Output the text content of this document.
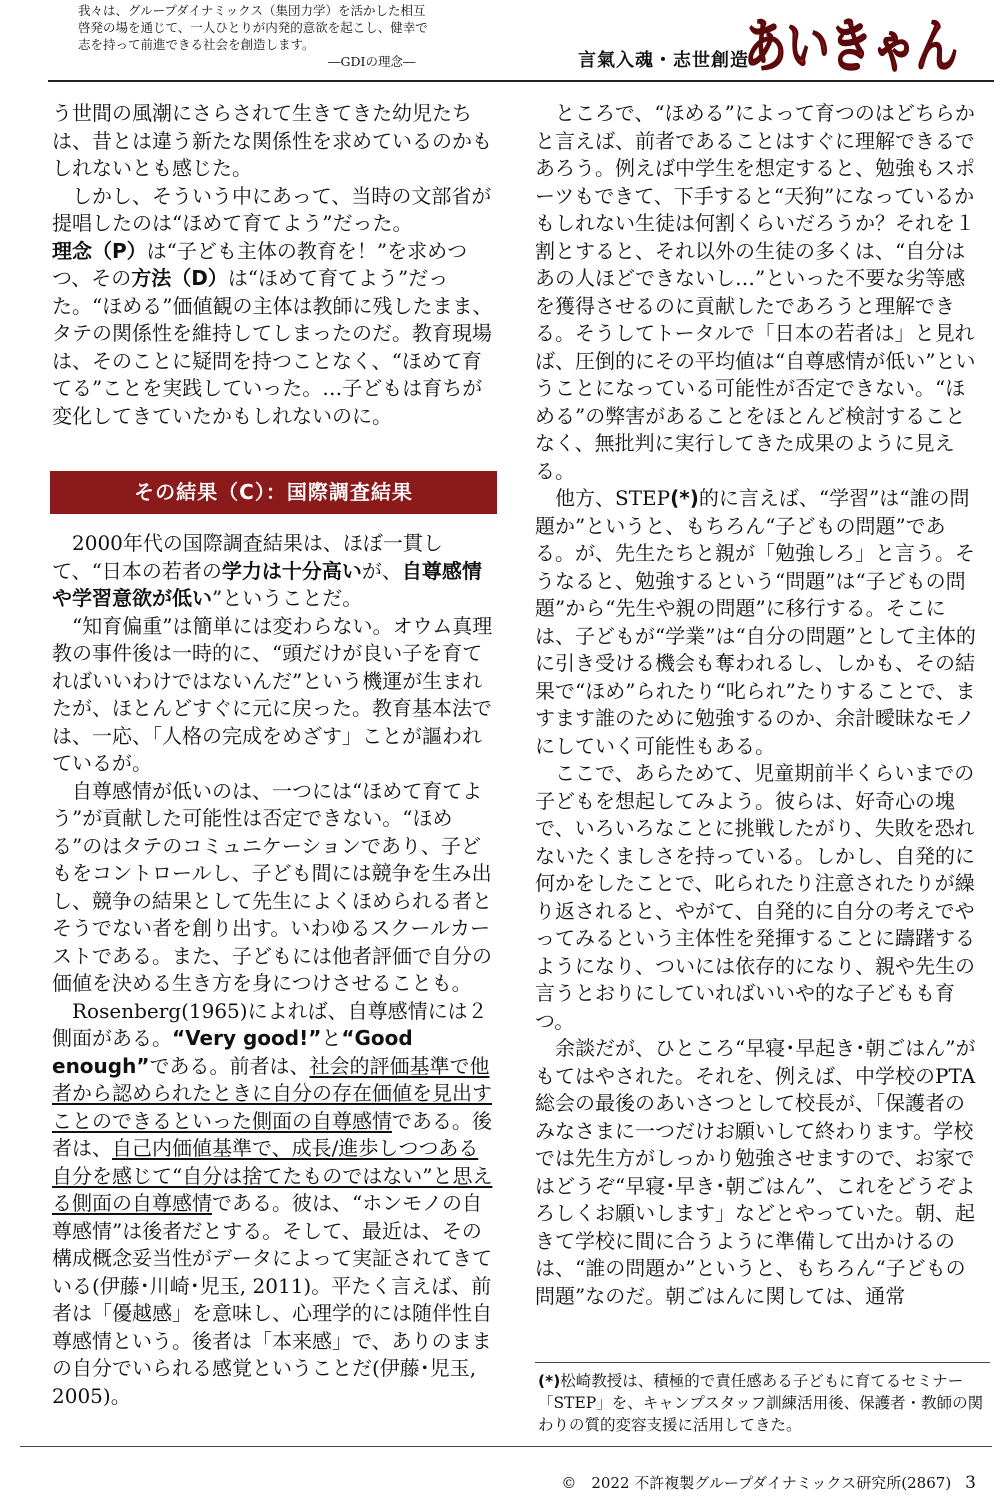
我々は、グループダイナミックス（集団力学）を活かした相互
啓発の場を通じて、一人ひとりが内発的意欲を起こし、健幸で
志を持って前進できる社会を創造します。
―GDIの理念―	言氣入魂・志世創造
あいきゃん

う世間の風潮にさらされて生きてきた幼児たちは、昔とは違う新たな関係性を求めているのかもしれないとも感じた。

　しかし、そういう中にあって、当時の文部省が提唱したのは“ほめて育てよう”だった。理念（P）は“子ども主体の教育を！”を求めつつ、その方法（D）は“ほめて育てよう”だった。“ほめる”価値観の主体は教師に残したまま、タテの関係性を維持してしまったのだ。教育現場は、そのことに疑問を持つことなく、“ほめて育てる”ことを実践していった。…子どもは育ちが変化してきていたかもしれないのに。

その結果（C）：国際調査結果

　2000年代の国際調査結果は、ほぼ一貫して、“日本の若者の学力は十分高いが、自尊感情や学習意欲が低い”ということだ。

　“知育偏重”は簡単には変わらない。オウム真理教の事件後は一時的に、“頭だけが良い子を育てればいいわけではないんだ”という機運が生まれたが、ほとんどすぐに元に戻った。教育基本法では、一応、「人格の完成をめざす」ことが謳われているが。

　自尊感情が低いのは、一つには“ほめて育てよう”が貢献した可能性は否定できない。“ほめる”のはタテのコミュニケーションであり、子どもをコントロールし、子ども間には競争を生み出し、競争の結果として先生によくほめられる者とそうでない者を創り出す。いわゆるスクールカーストである。また、子どもには他者評価で自分の価値を決める生き方を身につけさせることも。

　Rosenberg(1965)によれば、自尊感情には２側面がある。“Very good!”と“Good enough”である。前者は、社会的評価基準で他者から認められたときに自分の存在価値を見出すことのできるといった側面の自尊感情である。後者は、自己内価値基準で、成長/進歩しつつある自分を感じて“自分は捨てたものではない”と思える側面の自尊感情である。彼は、“ホンモノの自尊感情”は後者だとする。そして、最近は、その構成概念妥当性がデータによって実証されてきている(伊藤･川崎･児玉, 2011)。平たく言えば、前者は「優越感」を意味し、心理学的には随伴性自尊感情という。後者は「本来感」で、ありのままの自分でいられる感覚ということだ(伊藤･児玉, 2005)。

　ところで、“ほめる”によって育つのはどちらかと言えば、前者であることはすぐに理解できるであろう。例えば中学生を想定すると、勉強もスポーツもできて、下手すると“天狗”になっているかもしれない生徒は何割くらいだろうか？それを１割とすると、それ以外の生徒の多くは、“自分はあの人ほどできないし…”といった不要な劣等感を獲得させるのに貢献したであろうと理解できる。そうしてトータルで「日本の若者は」と見れば、圧倒的にその平均値は“自尊感情が低い”ということになっている可能性が否定できない。“ほめる”の弊害があることをほとんど検討することなく、無批判に実行してきた成果のように見える。

　他方、STEP(*)的に言えば、“学習”は“誰の問題か”というと、もちろん“子どもの問題”である。が、先生たちと親が「勉強しろ」と言う。そうなると、勉強するという“問題”は“子どもの問題”から“先生や親の問題”に移行する。そこには、子どもが“学業”は“自分の問題”として主体的に引き受ける機会も奪われるし、しかも、その結果で“ほめ”られたり“叱られ”たりすることで、ますます誰のために勉強するのか、余計曖昧なモノにしていく可能性もある。

　ここで、あらためて、児童期前半くらいまでの子どもを想起してみよう。彼らは、好奇心の塊で、いろいろなことに挑戦したがり、失敗を恐れないたくましさを持っている。しかし、自発的に何かをしたことで、叱られたり注意されたりが繰り返されると、やがて、自発的に自分の考えでやってみるという主体性を発揮することに躊躇するようになり、ついには依存的になり、親や先生の言うとおりにしていればいいや的な子どもも育つ。

　余談だが、ひところ“早寝･早起き･朝ごはん”がもてはやされた。それを、例えば、中学校のPTA総会の最後のあいさつとして校長が、「保護者のみなさまに一つだけお願いして終わります。学校では先生方がしっかり勉強させますので、お家ではどうぞ“早寝･早き･朝ごはん”、これをどうぞよろしくお願いします」などとやっていた。朝、起きて学校に間に合うように準備して出かけるのは、“誰の問題か”というと、もちろん“子どもの問題”なのだ。朝ごはんに関しては、通常

(*)松崎教授は、積極的で責任感ある子どもに育てるセミナー「STEP」を、キャンプスタッフ訓練活用後、保護者・教師の関わりの質的変容支援に活用してきた。
©　2022 不許複製グループダイナミックス研究所(2867) 3
